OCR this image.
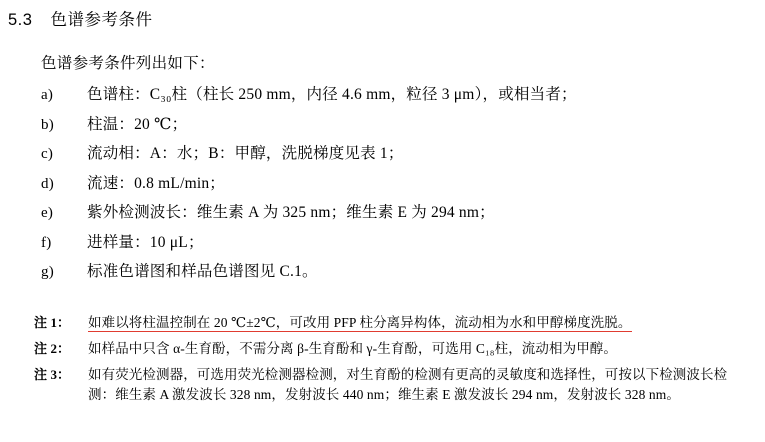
5.3 色谱参考条件
色谱参考条件列出如下：
a)	色谱柱：C₃₀柱（柱长 250 mm，内径 4.6 mm，粒径 3 μm），或相当者；
b)	柱温：20 ℃；
c)	流动相：A：水；B：甲醇，洗脱梯度见表 1；
d)	流速：0.8 mL/min；
e)	紫外检测波长：维生素 A 为 325 nm；维生素 E 为 294 nm；
f)	进样量：10 μL；
g)	标准色谱图和样品色谱图见 C.1。
注 1：	如难以将柱温控制在 20 ℃±2℃，可改用 PFP 柱分离异构体，流动相为水和甲醇梯度洗脱。
注 2：	如样品中只含 α-生育酚，不需分离 β-生育酚和 γ-生育酚，可选用 C₁₈柱，流动相为甲醇。
注 3：	如有荧光检测器，可选用荧光检测器检测，对生育酚的检测有更高的灵敏度和选择性，可按以下检测波长检测：维生素 A 激发波长 328 nm，发射波长 440 nm；维生素 E 激发波长 294 nm，发射波长 328 nm。
